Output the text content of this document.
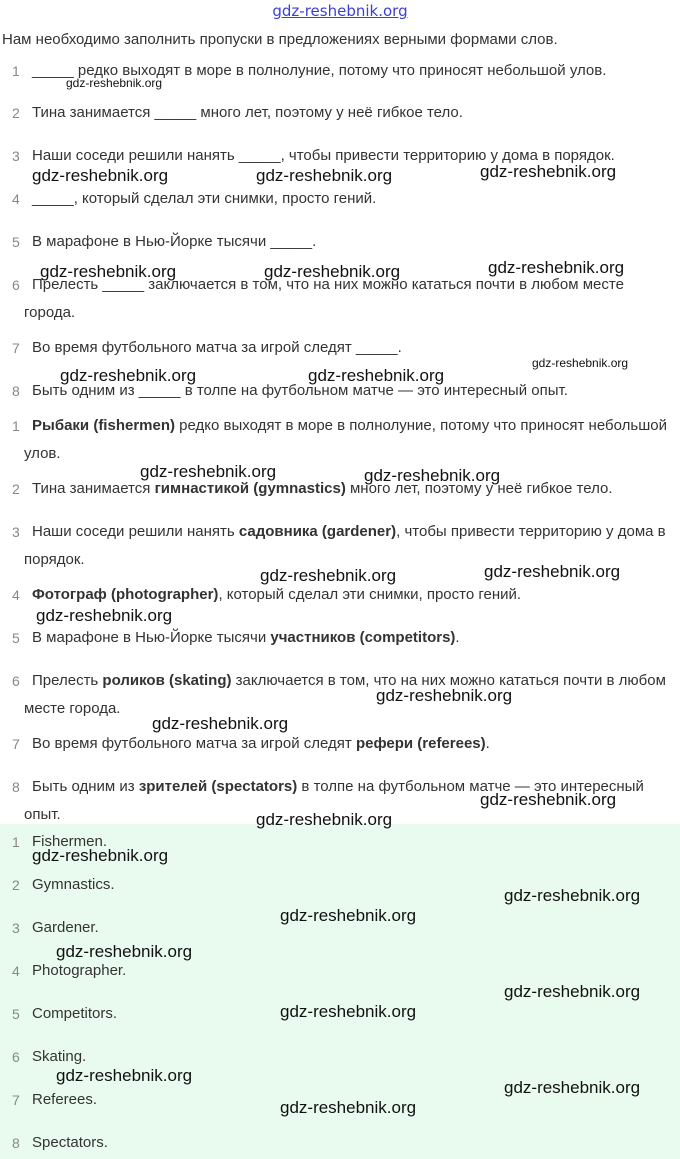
gdz-reshebnik.org
Нам необходимо заполнить пропуски в предложениях верными формами слов.
1 _____ редко выходят в море в полнолуние, потому что приносят небольшой улов.
2 Тина занимается _____ много лет, поэтому у неё гибкое тело.
3 Наши соседи решили нанять _____, чтобы привести территорию у дома в порядок.
4 _____, который сделал эти снимки, просто гений.
5 В марафоне в Нью-Йорке тысячи _____.
6 Прелесть _____ заключается в том, что на них можно кататься почти в любом месте города.
7 Во время футбольного матча за игрой следят _____.
8 Быть одним из _____ в толпе на футбольном матче — это интересный опыт.
1 Рыбаки (fishermen) редко выходят в море в полнолуние, потому что приносят небольшой улов.
2 Тина занимается гимнастикой (gymnastics) много лет, поэтому у неё гибкое тело.
3 Наши соседи решили нанять садовника (gardener), чтобы привести территорию у дома в порядок.
4 Фотограф (photographer), который сделал эти снимки, просто гений.
5 В марафоне в Нью-Йорке тысячи участников (competitors).
6 Прелесть роликов (skating) заключается в том, что на них можно кататься почти в любом месте города.
7 Во время футбольного матча за игрой следят рефери (referees).
8 Быть одним из зрителей (spectators) в толпе на футбольном матче — это интересный опыт.
1 Fishermen.
2 Gymnastics.
3 Gardener.
4 Photographer.
5 Competitors.
6 Skating.
7 Referees.
8 Spectators.
gdz-reshebnik.org
gdz-reshebnik.org	gdz-reshebnik.org	gdz-reshebnik.org
gdz-reshebnik.org	gdz-reshebnik.org	gdz-reshebnik.org
gdz-reshebnik.org
gdz-reshebnik.org	gdz-reshebnik.org
gdz-reshebnik.org	gdz-reshebnik.org
gdz-reshebnik.org	gdz-reshebnik.org
gdz-reshebnik.org
gdz-reshebnik.org
gdz-reshebnik.org
gdz-reshebnik.org
gdz-reshebnik.org
gdz-reshebnik.org
gdz-reshebnik.org
gdz-reshebnik.org
gdz-reshebnik.org
gdz-reshebnik.org
gdz-reshebnik.org
gdz-reshebnik.org
gdz-reshebnik.org
gdz-reshebnik.org
